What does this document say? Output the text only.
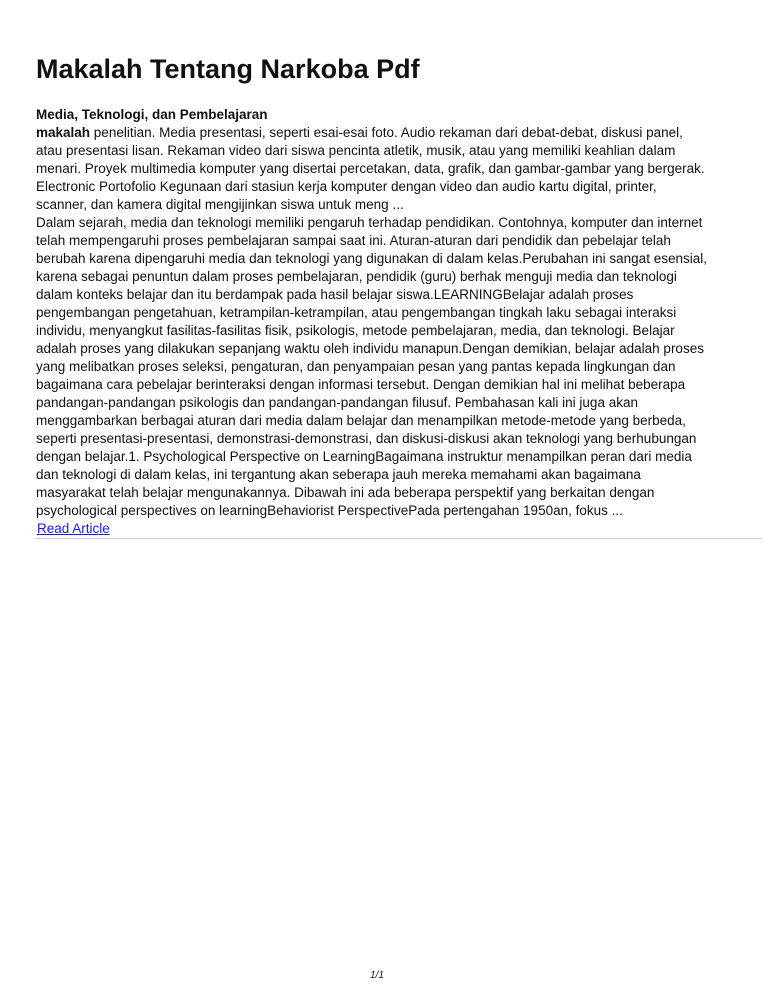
Makalah Tentang Narkoba Pdf
Media, Teknologi, dan Pembelajaran
makalah penelitian. Media presentasi, seperti esai-esai foto. Audio rekaman dari debat-debat, diskusi panel,
atau presentasi lisan. Rekaman video dari siswa pencinta atletik, musik, atau yang memiliki keahlian dalam
menari. Proyek multimedia komputer yang disertai percetakan, data, grafik, dan gambar-gambar yang bergerak.
Electronic Portofolio Kegunaan dari stasiun kerja komputer dengan video dan audio kartu digital, printer,
scanner, dan kamera digital mengijinkan siswa untuk meng ...
Dalam sejarah, media dan teknologi memiliki pengaruh terhadap pendidikan. Contohnya, komputer dan internet
telah mempengaruhi proses pembelajaran sampai saat ini. Aturan-aturan dari pendidik dan pebelajar telah
berubah karena dipengaruhi media dan teknologi yang digunakan di dalam kelas.Perubahan ini sangat esensial,
karena sebagai penuntun dalam proses pembelajaran, pendidik (guru) berhak menguji media dan teknologi
dalam konteks belajar dan itu berdampak pada hasil belajar siswa.LEARNINGBelajar adalah proses
pengembangan pengetahuan, ketrampilan-ketrampilan, atau pengembangan tingkah laku sebagai interaksi
individu, menyangkut fasilitas-fasilitas fisik, psikologis, metode pembelajaran, media, dan teknologi. Belajar
adalah proses yang dilakukan sepanjang waktu oleh individu manapun.Dengan demikian, belajar adalah proses
yang melibatkan proses seleksi, pengaturan, dan penyampaian pesan yang pantas kepada lingkungan dan
bagaimana cara pebelajar berinteraksi dengan informasi tersebut. Dengan demikian hal ini melihat beberapa
pandangan-pandangan psikologis dan pandangan-pandangan filusuf. Pembahasan kali ini juga akan
menggambarkan berbagai aturan dari media dalam belajar dan menampilkan metode-metode yang berbeda,
seperti presentasi-presentasi, demonstrasi-demonstrasi, dan diskusi-diskusi akan teknologi yang berhubungan
dengan belajar.1. Psychological Perspective on LearningBagaimana instruktur menampilkan peran dari media
dan teknologi di dalam kelas, ini tergantung akan seberapa jauh mereka memahami akan bagaimana
masyarakat telah belajar mengunakannya. Dibawah ini ada beberapa perspektif yang berkaitan dengan
psychological perspectives on learningBehaviorist PerspectivePada pertengahan 1950an, fokus ...
Read Article
1/1
